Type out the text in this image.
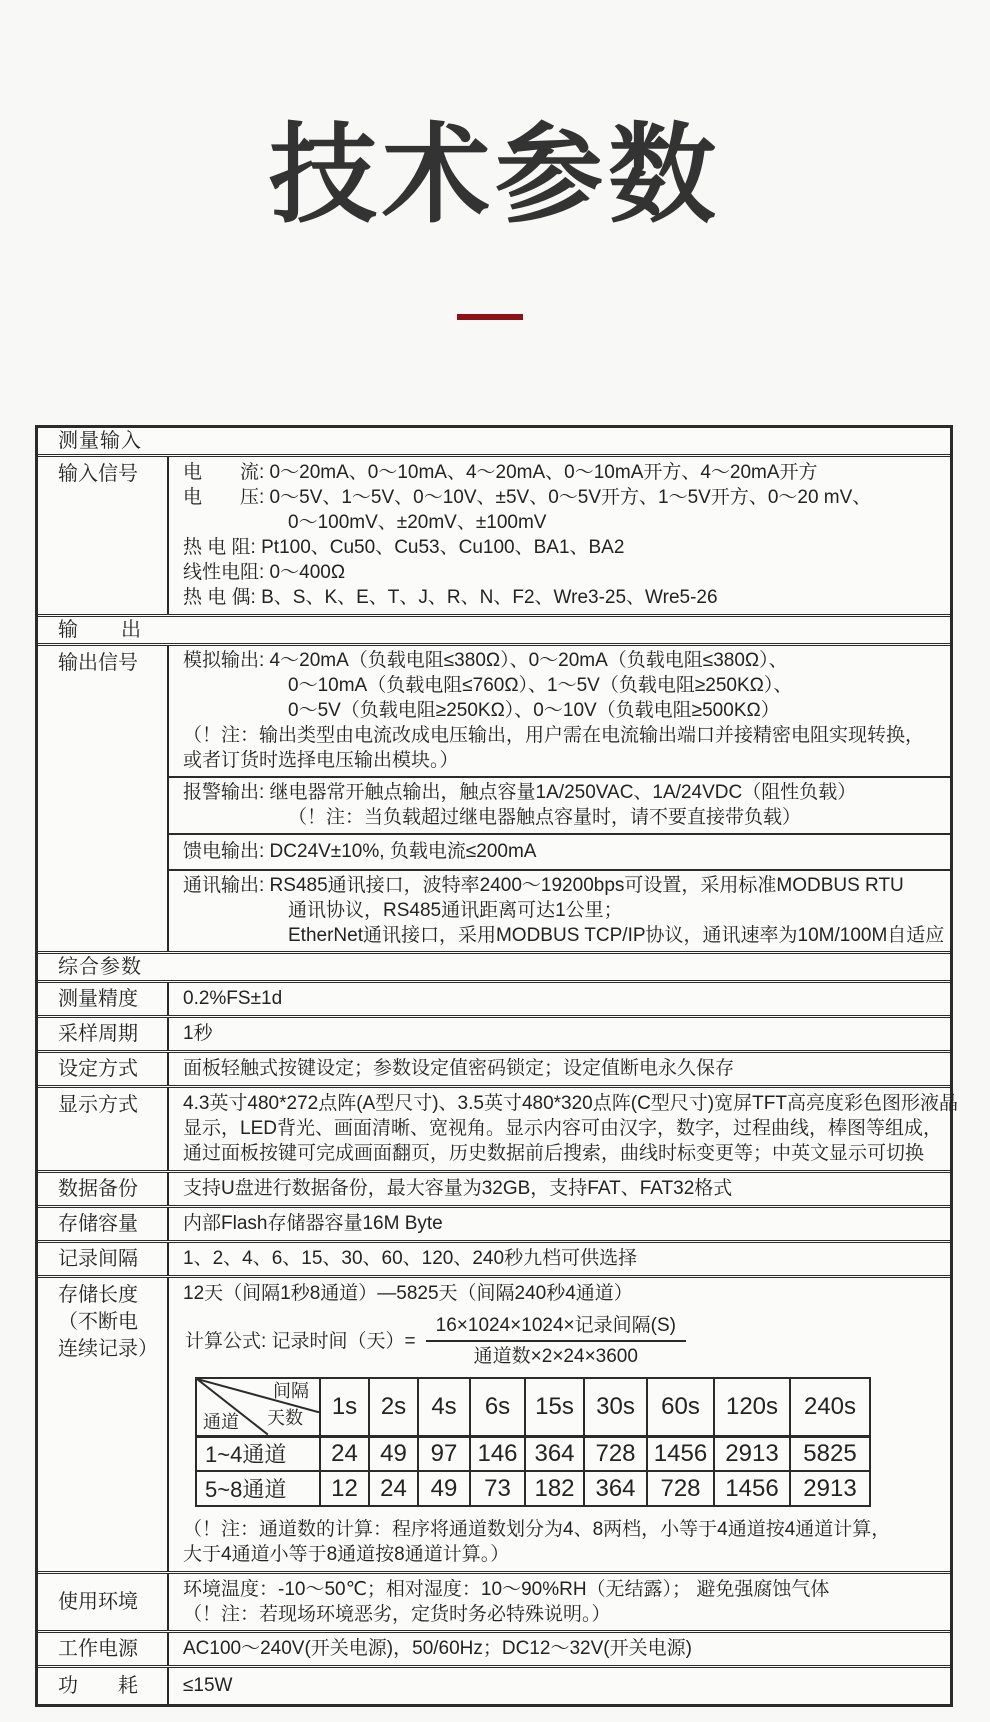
技术参数
测量输入
输入信号	电　　流: 0～20mA、0～10mA、4～20mA、0～10mA开方、4～20mA开方
电　　压: 0～5V、1～5V、0～10V、±5V、0～5V开方、1～5V开方、0～20 mV、
0～100mV、±20mV、±100mV
热 电 阻: Pt100、Cu50、Cu53、Cu100、BA1、BA2
线性电阻: 0～400Ω
热 电 偶: B、S、K、E、T、J、R、N、F2、Wre3-25、Wre5-26
输　　出
输出信号	模拟输出: 4～20mA（负载电阻≤380Ω）、0～20mA（负载电阻≤380Ω）、
0～10mA（负载电阻≤760Ω）、1～5V（负载电阻≥250KΩ）、
0～5V（负载电阻≥250KΩ）、0～10V（负载电阻≥500KΩ）
（！注：输出类型由电流改成电压输出，用户需在电流输出端口并接精密电阻实现转换，
或者订货时选择电压输出模块。）
报警输出: 继电器常开触点输出，触点容量1A/250VAC、1A/24VDC（阻性负载）
（！注：当负载超过继电器触点容量时，请不要直接带负载）
馈电输出: DC24V±10%, 负载电流≤200mA
通讯输出: RS485通讯接口，波特率2400～19200bps可设置，采用标准MODBUS RTU
通讯协议，RS485通讯距离可达1公里；
EtherNet通讯接口，采用MODBUS TCP/IP协议，通讯速率为10M/100M自适应
综合参数
测量精度	0.2%FS±1d
采样周期	1秒
设定方式	面板轻触式按键设定；参数设定值密码锁定；设定值断电永久保存
显示方式	4.3英寸480*272点阵(A型尺寸)、3.5英寸480*320点阵(C型尺寸)宽屏TFT高亮度彩色图形液晶
显示，LED背光、画面清晰、宽视角。显示内容可由汉字，数字，过程曲线，棒图等组成，
通过面板按键可完成画面翻页，历史数据前后搜索，曲线时标变更等；中英文显示可切换
数据备份	支持U盘进行数据备份，最大容量为32GB，支持FAT、FAT32格式
存储容量	内部Flash存储器容量16M Byte
记录间隔	1、2、4、6、15、30、60、120、240秒九档可供选择
存储长度
（不断电
连续记录）
12天（间隔1秒8通道）—5825天（间隔240秒4通道）
计算公式: 记录时间（天）= $\frac{\text{16×1024×1024×记录间隔(S)}}{\text{通道数×2×24×3600}}$
间隔
天数
通道	1s	2s	4s	6s	15s	30s	60s	120s	240s
1~4通道	24	49	97	146	364	728	1456	2913	5825
5~8通道	12	24	49	73	182	364	728	1456	2913
（！注：通道数的计算：程序将通道数划分为4、8两档，小等于4通道按4通道计算，
大于4通道小等于8通道按8通道计算。）
使用环境
环境温度：-10～50℃；相对湿度：10～90%RH（无结露）； 避免强腐蚀气体
（！注：若现场环境恶劣，定货时务必特殊说明。）
工作电源	AC100～240V(开关电源)，50/60Hz；DC12～32V(开关电源)
功　　耗	≤15W
